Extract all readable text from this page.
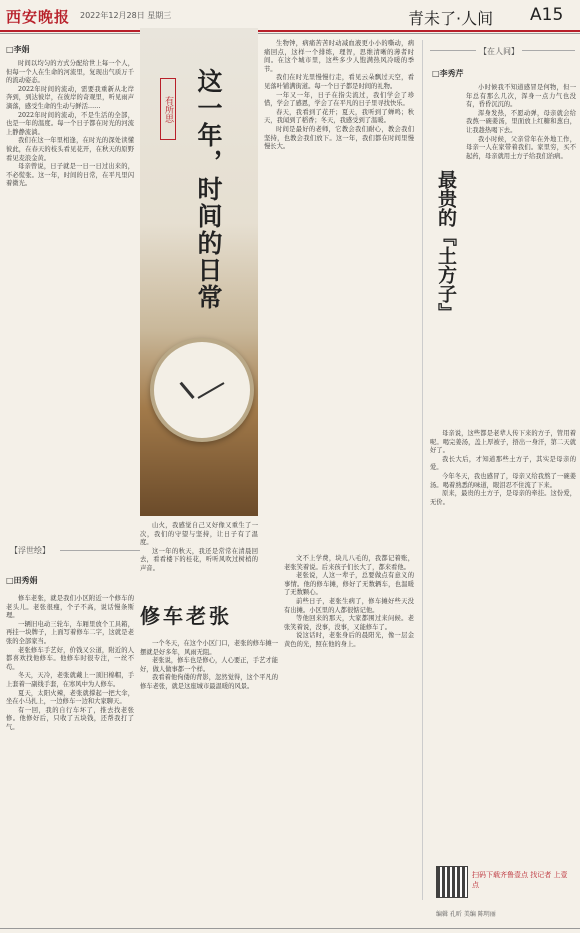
西安晚报 2022年12月28日 星期三	青未了·人间 A15
□李娟

时间以均匀的方式分配给世上每一个人，但每一个人在生命的河流里，复现出气质万千的流动姿态。

2022年时间的流动，需要我重新从北岸奔到，到达彼岸，在彼岸的奇观里，听见雨声滴落，感受生命的生动与鲜活……

2022年时间的流动，不是生活的全部，也是一年的温度。每一个日子都在时光的河流上静静流淌。

我们在这一年里相逢，在时光的深处读懂彼此，在春天的枝头看见花开，在秋天的原野看见麦浪金黄。

母亲曾说，日子就是一日一日过出来的，不必慌张。这一年，时间的日常，在平凡里闪着微光。

有所思 这一年，时间的日常

山火，我感觉自己又好像又重生了一次，我们的守望与坚持，让日子有了温度。

这一年的秋天，我还是常常在清晨回去，看看楼下的桂花，听听风吹过树梢的声音。

生物钟，病痛苦苦时动减血液更小小的嘶动，病痛回点，这样一个排练，理智，思维清晰的薄者时间。在这个城市里，这些多少人饱满热风冷暖的季节。

我们在时光里慢慢行走，看见云朵飘过天空，看见落叶铺满街道。每一个日子都是时间的礼物。

一年又一年，日子在指尖流过，我们学会了珍惜，学会了感恩，学会了在平凡的日子里寻找快乐。

春天，我看到了花开；夏天，我听到了蝉鸣；秋天，我闻到了稻香；冬天，我感受到了温暖。

时间是最好的老师，它教会我们耐心，教会我们坚持，也教会我们放下。这一年，我们都在时间里慢慢长大。

【浮世绘】
□田秀娟
修车老张

修车老张，就是我们小区附近一个修车的老头儿。老张很瘦，个子不高，说话慢条斯理。

一辆旧电动三轮车，车厢里放个工具箱，再挂一块牌子，上面写着修车二字，这就是老张的全部家当。

老张修车手艺好，价钱又公道，附近的人都喜欢找他修车。他修车时很专注，一丝不苟。

冬天，天冷，老张就戴上一顶旧棉帽，手上套着一副线手套，在寒风中为人修车。

夏天，太阳火辣，老张就撑起一把大伞，坐在小马扎上，一边修车一边和大家聊天。

有一回，我的自行车坏了，推去找老张修。他修好后，只收了五块钱，还帮我打了气。

一个冬天，在这个小区门口，老张的修车摊一摆就是好多年，风雨无阻。

老张说，修车也是修心，人心要正，手艺才能好，做人做事都一个样。

我看着他佝偻的背影，忽然觉得，这个平凡的修车老张，就是这座城市最温暖的风景。

文不上学费，块儿八毛的，我都记着账，老张笑着说。后来孩子们长大了，都来看他。

老张说，人这一辈子，总要做点有意义的事情。他的修车摊，修好了无数辆车，也温暖了无数颗心。

前些日子，老张生病了，修车摊好些天没有出摊。小区里的人都很惦记他。

等他回来的那天，大家都围过来问候。老张笑着说，没事，没事，又能修车了。

说这话时，老张身后的晨阳光，像一层金黄色的光，照在他的身上。

【在人间】
□李秀芹
最贵的『土方子』

小时候我不知道感冒是何物，但一年总有那么几次，浑身一点力气也没有，昏昏沉沉的。

浑身发热，不愿动弹，母亲就会给我熬一碗姜汤，里面放上红糖和葱白，让我趁热喝下去。

我小时候，父亲常年在外地工作，母亲一人在家带着我们。家里穷，买不起药，母亲就用土方子给我们治病。

母亲说，这些都是老辈人传下来的方子，管用着呢。喝完姜汤，盖上厚被子，捂出一身汗，第二天就好了。

我长大后，才知道那些土方子，其实是母亲的爱。

今年冬天，我也感冒了，母亲又给我熬了一碗姜汤。喝着熟悉的味道，眼泪忍不住流了下来。

原来，最贵的土方子，是母亲的牵挂。这份爱，无价。

扫码下载齐鲁壹点 找记者 上壹点
编辑 孔昕 美编 陈明丽
